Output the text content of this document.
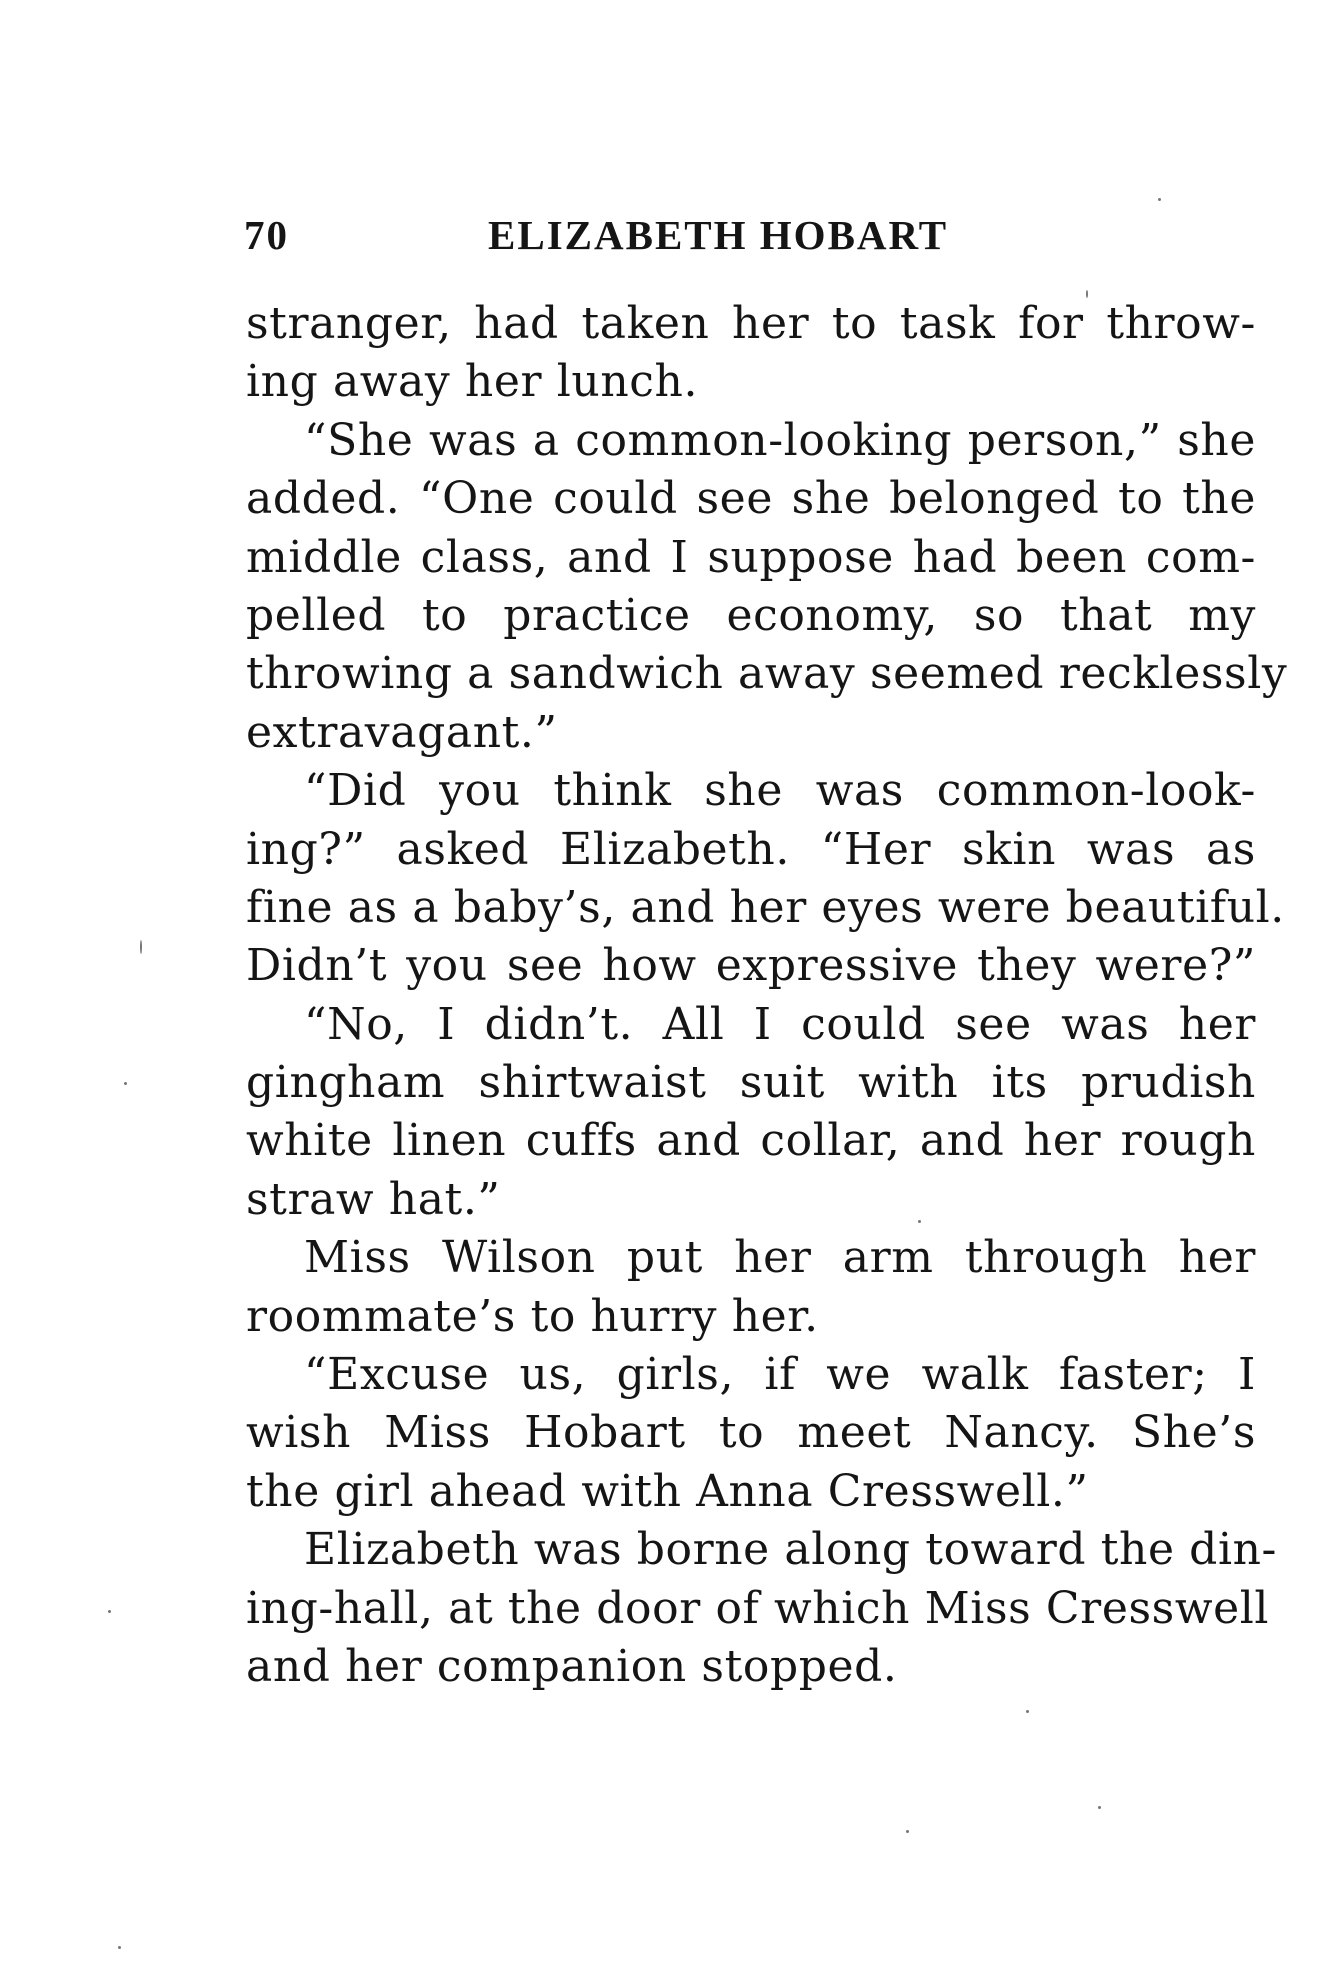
70	ELIZABETH HOBART
stranger, had taken her to task for throw-
ing away her lunch.
“She was a common-looking person,” she
added. “One could see she belonged to the
middle class, and I suppose had been com-
pelled to practice economy, so that my
throwing a sandwich away seemed recklessly
extravagant.”
“Did you think she was common-look-
ing?” asked Elizabeth. “Her skin was as
fine as a baby’s, and her eyes were beautiful.
Didn’t you see how expressive they were?”
“No, I didn’t. All I could see was her
gingham shirtwaist suit with its prudish
white linen cuffs and collar, and her rough
straw hat.”
Miss Wilson put her arm through her
roommate’s to hurry her.
“Excuse us, girls, if we walk faster; I
wish Miss Hobart to meet Nancy. She’s
the girl ahead with Anna Cresswell.”
Elizabeth was borne along toward the din-
ing-hall, at the door of which Miss Cresswell
and her companion stopped.
